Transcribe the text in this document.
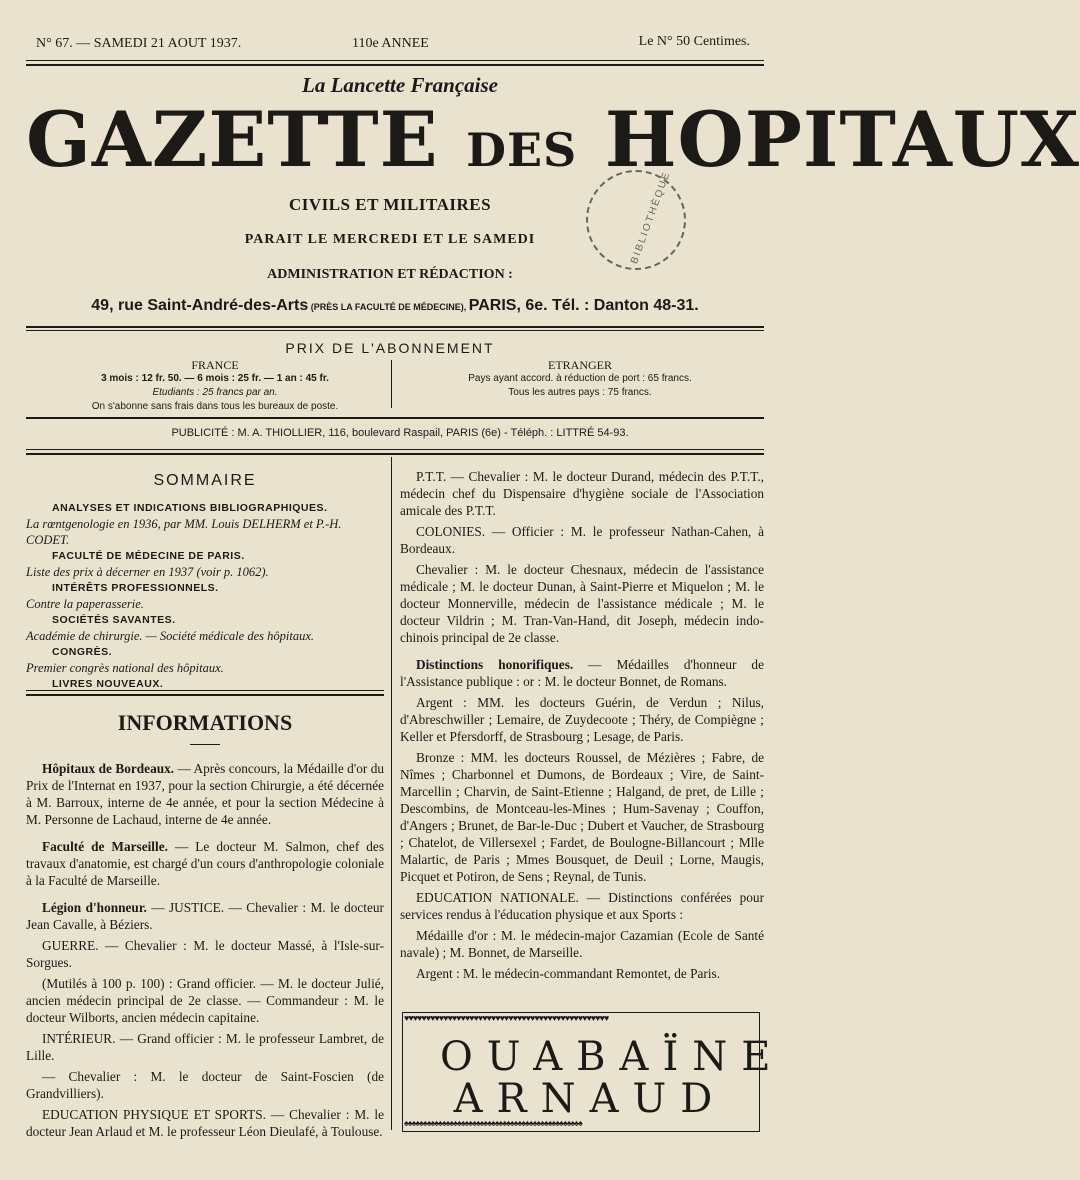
N° 67. — SAMEDI 21 AOUT 1937.	110e ANNEE	Le N° 50 Centimes.
La Lancette Française
GAZETTE DES HOPITAUX
BIBLIOTHÈQUE
CIVILS ET MILITAIRES
PARAIT LE MERCREDI ET LE SAMEDI
ADMINISTRATION ET RÉDACTION :
49, rue Saint-André-des-Arts (PRÈS LA FACULTÉ DE MÉDECINE), PARIS, 6e. Tél. : Danton 48-31.
PRIX DE L'ABONNEMENT
FRANCE
3 mois : 12 fr. 50. — 6 mois : 25 fr. — 1 an : 45 fr.
Etudiants : 25 francs par an.
On s'abonne sans frais dans tous les bureaux de poste.
ETRANGER
Pays ayant accord. à réduction de port : 65 francs.
Tous les autres pays : 75 francs.
PUBLICITÉ : M. A. THIOLLIER, 116, boulevard Raspail, PARIS (6e) - Téléph. : LITTRÉ 54-93.
SOMMAIRE
ANALYSES ET INDICATIONS BIBLIOGRAPHIQUES.
La rœntgenologie en 1936, par MM. Louis DELHERM et P.-H. CODET.
FACULTÉ DE MÉDECINE DE PARIS.
Liste des prix à décerner en 1937 (voir p. 1062).
INTÉRÊTS PROFESSIONNELS.
Contre la paperasserie.
SOCIÉTÉS SAVANTES.
Académie de chirurgie. — Société médicale des hôpitaux.
CONGRÈS.
Premier congrès national des hôpitaux.
LIVRES NOUVEAUX.
INFORMATIONS

Hôpitaux de Bordeaux. — Après concours, la Médaille d'or du Prix de l'Internat en 1937, pour la section Chirurgie, a été décernée à M. Barroux, interne de 4e année, et pour la section Médecine à M. Personne de Lachaud, interne de 4e année.

Faculté de Marseille. — Le docteur M. Salmon, chef des travaux d'anatomie, est chargé d'un cours d'anthropologie coloniale à la Faculté de Marseille.

Légion d'honneur. — JUSTICE. — Chevalier : M. le docteur Jean Cavalle, à Béziers.

GUERRE. — Chevalier : M. le docteur Massé, à l'Isle-sur-Sorgues.

(Mutilés à 100 p. 100) : Grand officier. — M. le docteur Julié, ancien médecin principal de 2e classe. — Commandeur : M. le docteur Wilborts, ancien médecin capitaine.

INTÉRIEUR. — Grand officier : M. le professeur Lambret, de Lille.

— Chevalier : M. le docteur de Saint-Foscien (de Grandvilliers).

EDUCATION PHYSIQUE ET SPORTS. — Chevalier : M. le docteur Jean Arlaud et M. le professeur Léon Dieulafé, à Toulouse.

P.T.T. — Chevalier : M. le docteur Durand, médecin des P.T.T., médecin chef du Dispensaire d'hygiène sociale de l'Association amicale des P.T.T.

COLONIES. — Officier : M. le professeur Nathan-Cahen, à Bordeaux.

Chevalier : M. le docteur Chesnaux, médecin de l'assistance médicale ; M. le docteur Dunan, à Saint-Pierre et Miquelon ; M. le docteur Monnerville, médecin de l'assistance médicale ; M. le docteur Vildrin ; M. Tran-Van-Hand, dit Joseph, médecin indo-chinois principal de 2e classe.

Distinctions honorifiques. — Médailles d'honneur de l'Assistance publique : or : M. le docteur Bonnet, de Romans.

Argent : MM. les docteurs Guérin, de Verdun ; Nilus, d'Abreschwiller ; Lemaire, de Zuydecoote ; Théry, de Compiègne ; Keller et Pfersdorff, de Strasbourg ; Lesage, de Paris.

Bronze : MM. les docteurs Roussel, de Mézières ; Fabre, de Nîmes ; Charbonnel et Dumons, de Bordeaux ; Vire, de Saint-Marcellin ; Charvin, de Saint-Etienne ; Halgand, de pret, de Lille ; Descombins, de Montceau-les-Mines ; Hum-Savenay ; Couffon, d'Angers ; Brunet, de Bar-le-Duc ; Dubert et Vaucher, de Strasbourg ; Chatelot, de Villersexel ; Fardet, de Boulogne-Billancourt ; Mlle Malartic, de Paris ; Mmes Bousquet, de Deuil ; Lorne, Maugis, Picquet et Potiron, de Sens ; Reynal, de Tunis.

EDUCATION NATIONALE. — Distinctions conférées pour services rendus à l'éducation physique et aux Sports :

Médaille d'or : M. le médecin-major Cazamian (Ecole de Santé navale) ; M. Bonnet, de Marseille.

Argent : M. le médecin-commandant Remontet, de Paris.

♥♥♥♥♥♥♥♥♥♥♥♥♥♥♥♥♥♥♥♥♥♥♥♥♥♥♥♥♥♥♥♥♥♥♥♥♥♥♥♥♥♥♥♥♥♥♥
♠♠♠♠♠♠♠♠♠♠♠♠♠♠♠♠♠♠♠♠♠♠♠♠♠♠♠♠♠♠♠♠♠♠♠♠♠♠♠♠♠♠♠♠♠♠♠
OUABAÏNE
ARNAUD
